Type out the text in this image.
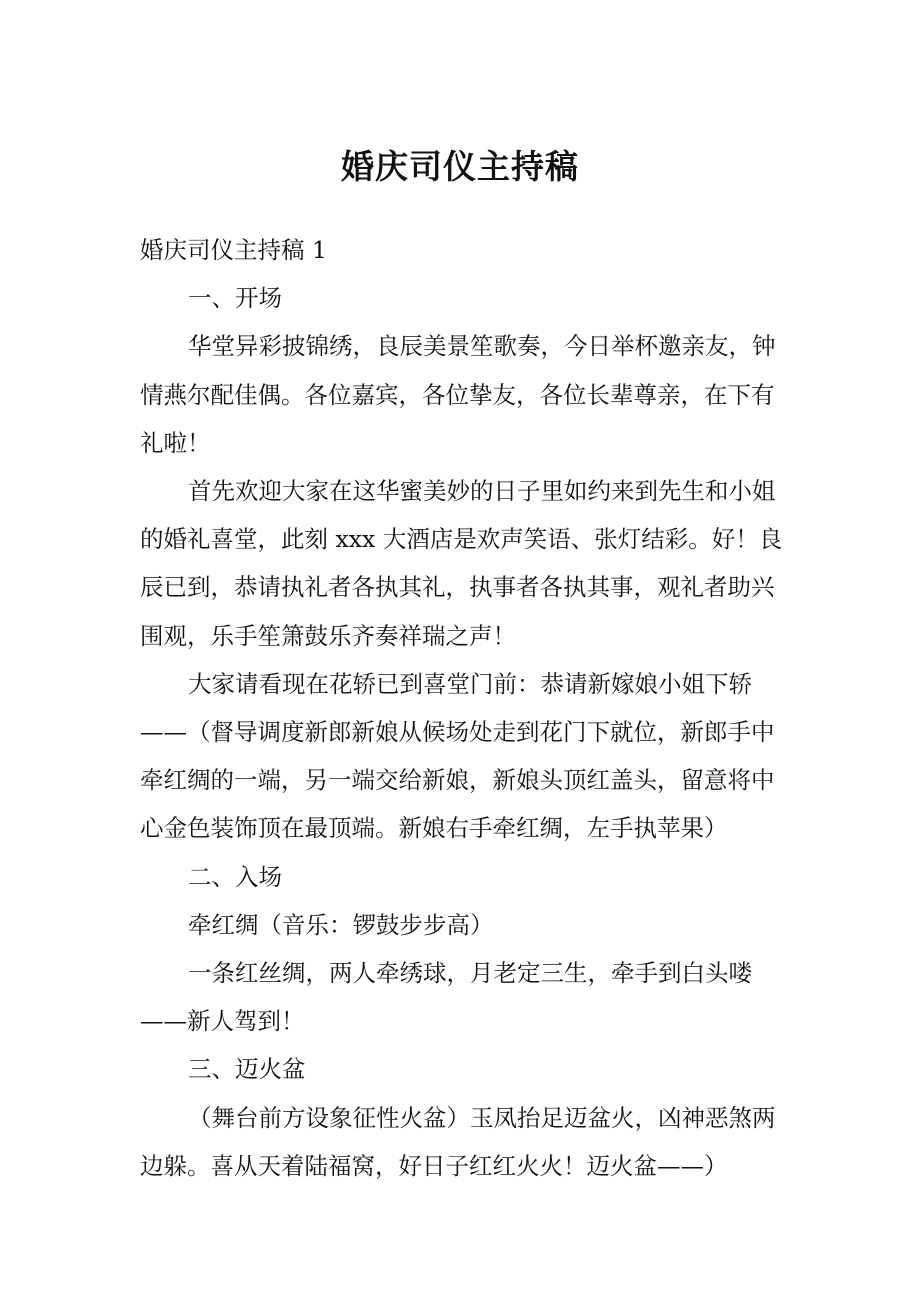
婚庆司仪主持稿

婚庆司仪主持稿 1

一、开场

华堂异彩披锦绣，良辰美景笙歌奏，今日举杯邀亲友，钟情燕尔配佳偶。各位嘉宾，各位挚友，各位长辈尊亲，在下有礼啦！

首先欢迎大家在这华蜜美妙的日子里如约来到先生和小姐的婚礼喜堂，此刻 xxx 大酒店是欢声笑语、张灯结彩。好！良辰已到，恭请执礼者各执其礼，执事者各执其事，观礼者助兴围观，乐手笙箫鼓乐齐奏祥瑞之声！

大家请看现在花轿已到喜堂门前：恭请新嫁娘小姐下轿——（督导调度新郎新娘从候场处走到花门下就位，新郎手中牵红绸的一端，另一端交给新娘，新娘头顶红盖头，留意将中心金色装饰顶在最顶端。新娘右手牵红绸，左手执苹果）

二、入场

牵红绸（音乐：锣鼓步步高）

一条红丝绸，两人牵绣球，月老定三生，牵手到白头喽——新人驾到！

三、迈火盆

（舞台前方设象征性火盆）玉凤抬足迈盆火，凶神恶煞两边躲。喜从天着陆福窝，好日子红红火火！迈火盆——）
